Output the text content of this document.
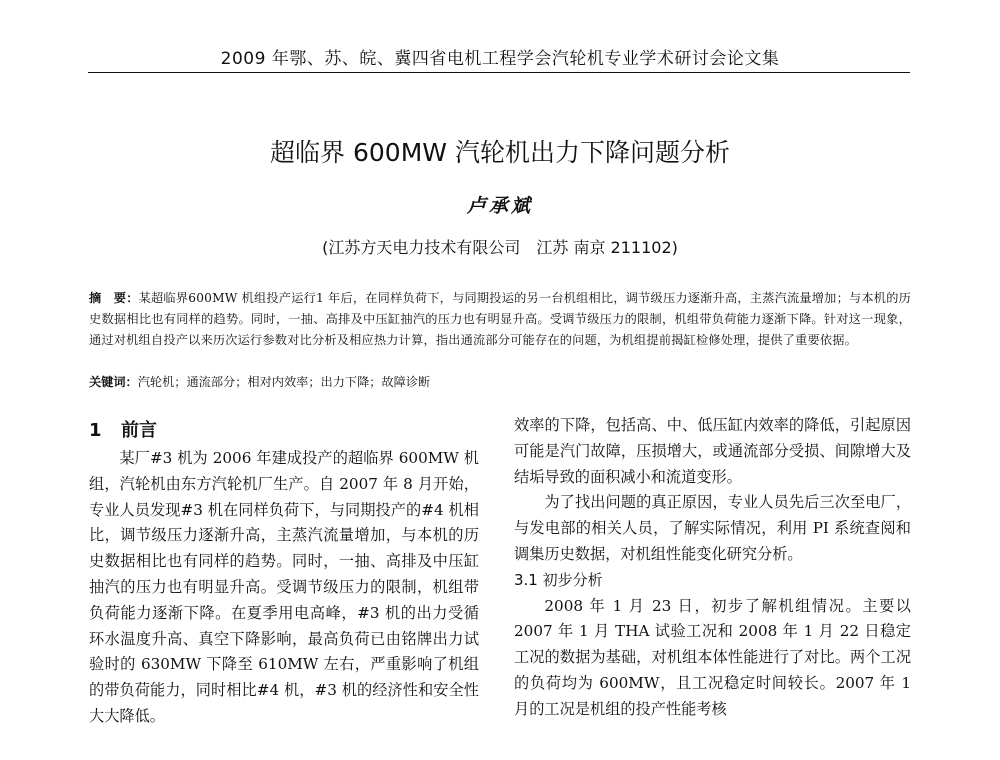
2009 年鄂、苏、皖、冀四省电机工程学会汽轮机专业学术研讨会论文集
超临界 600MW 汽轮机出力下降问题分析
卢承斌
(江苏方天电力技术有限公司　江苏 南京 211102)
摘　要：某超临界600MW 机组投产运行1 年后，在同样负荷下，与同期投运的另一台机组相比，调节级压力逐渐升高，主蒸汽流量增加；与本机的历史数据相比也有同样的趋势。同时，一抽、高排及中压缸抽汽的压力也有明显升高。受调节级压力的限制，机组带负荷能力逐渐下降。针对这一现象，通过对机组自投产以来历次运行参数对比分析及相应热力计算，指出通流部分可能存在的问题，为机组提前揭缸检修处理，提供了重要依据。
关键词：汽轮机；通流部分；相对内效率；出力下降；故障诊断
1 前言

某厂#3 机为 2006 年建成投产的超临界 600MW 机组，汽轮机由东方汽轮机厂生产。自 2007 年 8 月开始，专业人员发现#3 机在同样负荷下，与同期投产的#4 机相比，调节级压力逐渐升高，主蒸汽流量增加，与本机的历史数据相比也有同样的趋势。同时，一抽、高排及中压缸抽汽的压力也有明显升高。受调节级压力的限制，机组带负荷能力逐渐下降。在夏季用电高峰，#3 机的出力受循环水温度升高、真空下降影响，最高负荷已由铭牌出力试验时的 630MW 下降至 610MW 左右，严重影响了机组的带负荷能力，同时相比#4 机，#3 机的经济性和安全性大大降低。

效率的下降，包括高、中、低压缸内效率的降低，引起原因可能是汽门故障，压损增大，或通流部分受损、间隙增大及结垢导致的面积减小和流道变形。

为了找出问题的真正原因，专业人员先后三次至电厂，与发电部的相关人员，了解实际情况，利用 PI 系统查阅和调集历史数据，对机组性能变化研究分析。

3.1 初步分析

2008 年 1 月 23 日，初步了解机组情况。主要以 2007 年 1 月 THA 试验工况和 2008 年 1 月 22 日稳定工况的数据为基础，对机组本体性能进行了对比。两个工况的负荷均为 600MW，且工况稳定时间较长。2007 年 1 月的工况是机组的投产性能考核
